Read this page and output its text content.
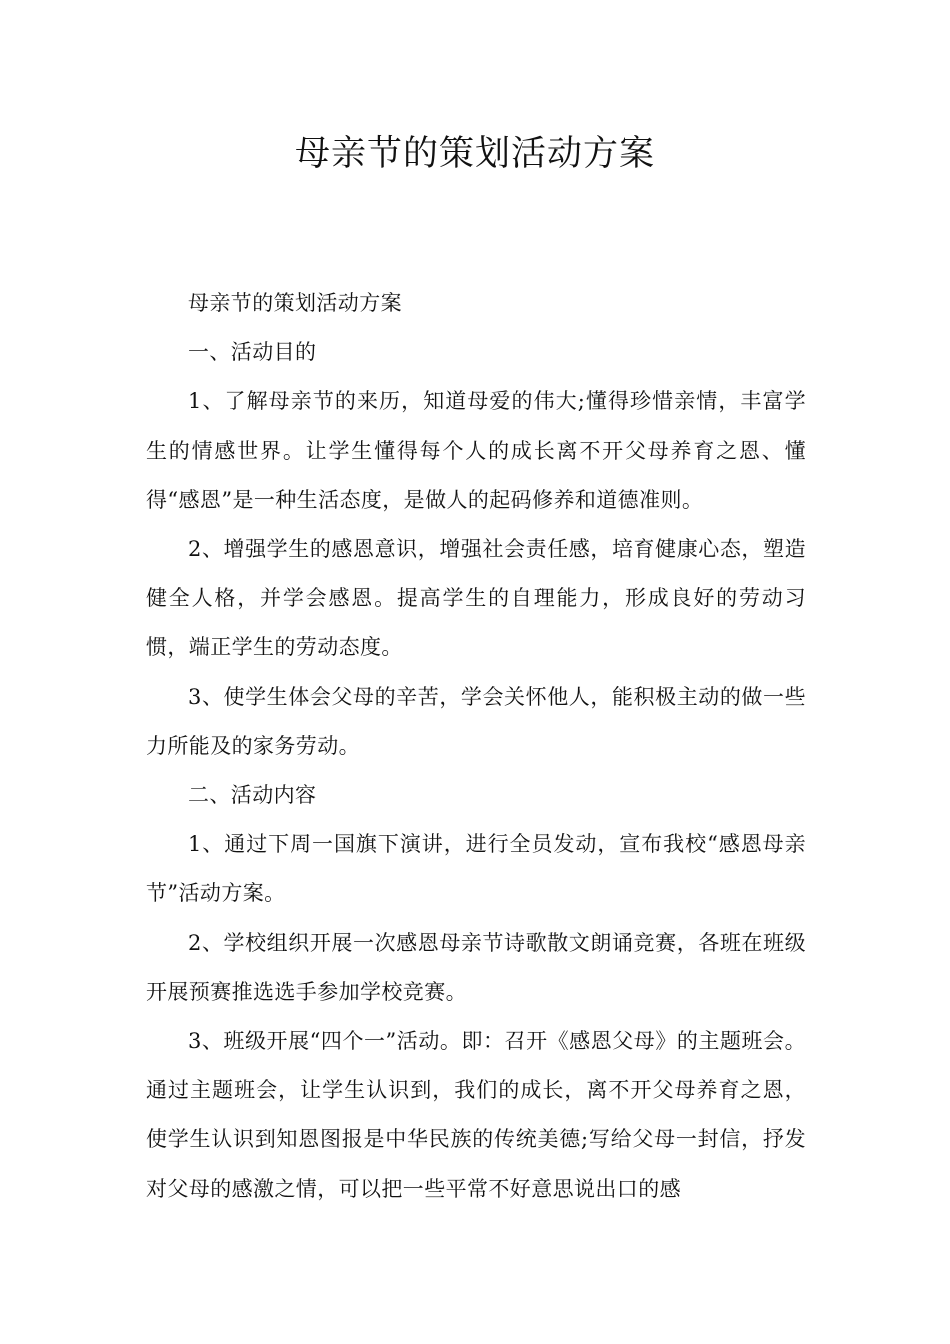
母亲节的策划活动方案

母亲节的策划活动方案

一、活动目的

1、了解母亲节的来历，知道母爱的伟大;懂得珍惜亲情，丰富学生的情感世界。让学生懂得每个人的成长离不开父母养育之恩、懂得“感恩”是一种生活态度，是做人的起码修养和道德准则。

2、增强学生的感恩意识，增强社会责任感，培育健康心态，塑造健全人格，并学会感恩。提高学生的自理能力，形成良好的劳动习惯，端正学生的劳动态度。

3、使学生体会父母的辛苦，学会关怀他人，能积极主动的做一些力所能及的家务劳动。

二、活动内容

1、通过下周一国旗下演讲，进行全员发动，宣布我校“感恩母亲节”活动方案。

2、学校组织开展一次感恩母亲节诗歌散文朗诵竞赛，各班在班级开展预赛推选选手参加学校竞赛。

3、班级开展“四个一”活动。即：召开《感恩父母》的主题班会。通过主题班会，让学生认识到，我们的成长，离不开父母养育之恩，使学生认识到知恩图报是中华民族的传统美德;写给父母一封信，抒发对父母的感激之情，可以把一些平常不好意思说出口的感
